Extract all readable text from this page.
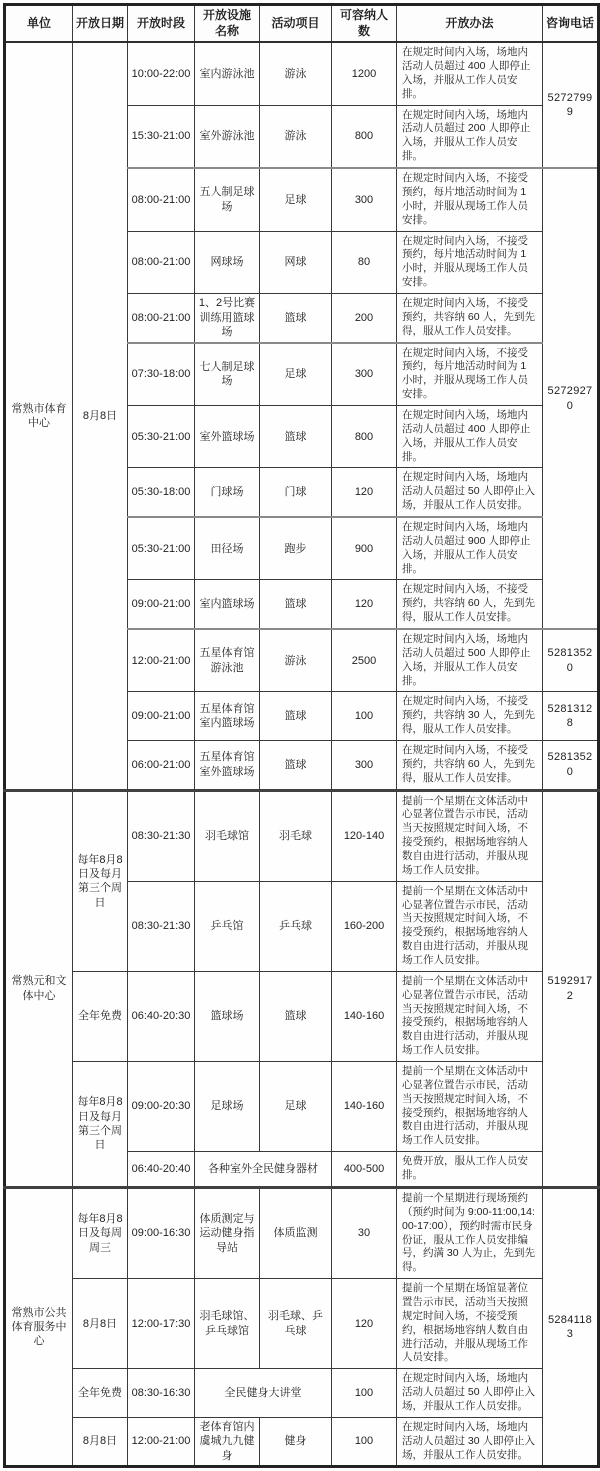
单位	开放日期	开放时段	开放设施名称	活动项目	可容纳人数	开放办法	咨询电话
常熟市体育中心	8月8日	10:00-22:00	室内游泳池	游泳	1200	在规定时间内入场，场地内活动人员超过 400 人即停止入场，并服从工作人员安排。	52727999
		15:30-21:00	室外游泳池	游泳	800	在规定时间内入场，场地内活动人员超过 200 人即停止入场，并服从工作人员安排。	
		08:00-21:00	五人制足球场	足球	300	在规定时间内入场，不接受预约，每片地活动时间为 1 小时，并服从现场工作人员安排。	52729270
		08:00-21:00	网球场	网球	80	在规定时间内入场，不接受预约，每片地活动时间为 1 小时，并服从现场工作人员安排。	
		08:00-21:00	1、2号比赛训练用篮球场	篮球	200	在规定时间内入场，不接受预约，共容纳 60 人，先到先得，服从工作人员安排。	
		07:30-18:00	七人制足球场	足球	300	在规定时间内入场，不接受预约，每片地活动时间为 1 小时，并服从现场工作人员安排。	
		05:30-21:00	室外篮球场	篮球	800	在规定时间内入场，场地内活动人员超过 400 人即停止入场，并服从工作人员安排。	
		05:30-18:00	门球场	门球	120	在规定时间内入场，场地内活动人员超过 50 人即停止入场，并服从工作人员安排。	
		05:30-21:00	田径场	跑步	900	在规定时间内入场，场地内活动人员超过 900 人即停止入场，并服从工作人员安排。	
		09:00-21:00	室内篮球场	篮球	120	在规定时间内入场，不接受预约，共容纳 60 人，先到先得，服从工作人员安排。	
		12:00-21:00	五星体育馆游泳池	游泳	2500	在规定时间内入场，场地内活动人员超过 500 人即停止入场，并服从工作人员安排。	52813520
		09:00-21:00	五星体育馆室内篮球场	篮球	100	在规定时间内入场，不接受预约，共容纳 30 人，先到先得，服从工作人员安排。	52813128
		06:00-21:00	五星体育馆室外篮球场	篮球	300	在规定时间内入场，不接受预约，共容纳 60 人，先到先得，服从工作人员安排。	52813520
常熟元和文体中心	每年8月8日及每月第三个周日	08:30-21:30	羽毛球馆	羽毛球	120-140	提前一个星期在文体活动中心显著位置告示市民，活动当天按照规定时间入场，不接受预约，根据场地容纳人数自由进行活动，并服从现场工作人员安排。	51929172
		08:30-21:30	乒乓馆	乒乓球	160-200	提前一个星期在文体活动中心显著位置告示市民，活动当天按照规定时间入场，不接受预约，根据场地容纳人数自由进行活动，并服从现场工作人员安排。	
	全年免费	06:40-20:30	篮球场	篮球	140-160	提前一个星期在文体活动中心显著位置告示市民，活动当天按照规定时间入场，不接受预约，根据场地容纳人数自由进行活动，并服从现场工作人员安排。	
	每年8月8日及每月第三个周日	09:00-20:30	足球场	足球	140-160	提前一个星期在文体活动中心显著位置告示市民，活动当天按照规定时间入场，不接受预约，根据场地容纳人数自由进行活动，并服从现场工作人员安排。	
		06:40-20:40	各种室外全民健身器材		400-500	免费开放，服从工作人员安排。	
常熟市公共体育服务中心	每年8月8日及每周周三	09:00-16:30	体质测定与运动健身指导站	体质监测	30	提前一个星期进行现场预约（预约时间为 9:00-11:00,14:00-17:00），预约时需市民身份证，服从工作人员安排编号，约满 30 人为止，先到先得。	52841183
	8月8日	12:00-17:30	羽毛球馆、乒乓球馆	羽毛球、乒乓球	120	提前一个星期在场馆显著位置告示市民，活动当天按照规定时间入场，不接受预约，根据场地容纳人数自由进行活动，并服从现场工作人员安排。	
	全年免费	08:30-16:30	全民健身大讲堂		100	在规定时间内入场，场地内活动人员超过 50 人即停止入场，并服从工作人员安排。	
	8月8日	12:00-21:00	老体育馆内虞城九九健身	健身	100	在规定时间内入场，场地内活动人员超过 30 人即停止入场，并服从工作人员安排。	
